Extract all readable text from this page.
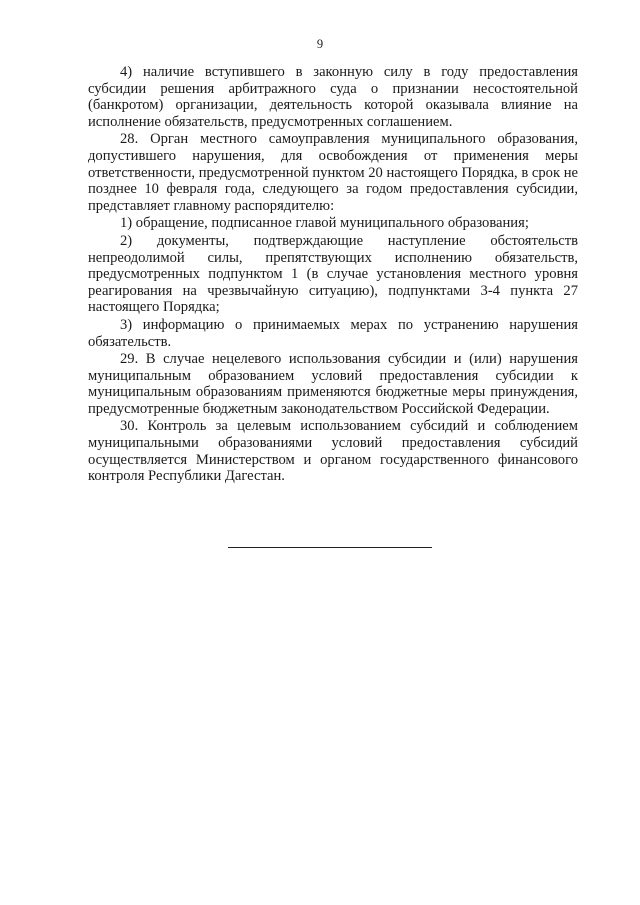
9

4) наличие вступившего в законную силу в году предоставления субсидии решения арбитражного суда о признании несостоятельной (банкротом) организации, деятельность которой оказывала влияние на исполнение обязательств, предусмотренных соглашением.

28. Орган местного самоуправления муниципального образования, допустившего нарушения, для освобождения от применения меры ответственности, предусмотренной пунктом 20 настоящего Порядка, в срок не позднее 10 февраля года, следующего за годом предоставления субсидии, представляет главному распорядителю:

1) обращение, подписанное главой муниципального образования;

2) документы, подтверждающие наступление обстоятельств непреодолимой силы, препятствующих исполнению обязательств, предусмотренных подпунктом 1 (в случае установления местного уровня реагирования на чрезвычайную ситуацию), подпунктами 3-4 пункта 27 настоящего Порядка;

3) информацию о принимаемых мерах по устранению нарушения обязательств.

29. В случае нецелевого использования субсидии и (или) нарушения муниципальным образованием условий предоставления субсидии к муниципальным образованиям применяются бюджетные меры принуждения, предусмотренные бюджетным законодательством Российской Федерации.

30. Контроль за целевым использованием субсидий и соблюдением муниципальными образованиями условий предоставления субсидий осуществляется Министерством и органом государственного финансового контроля Республики Дагестан.
